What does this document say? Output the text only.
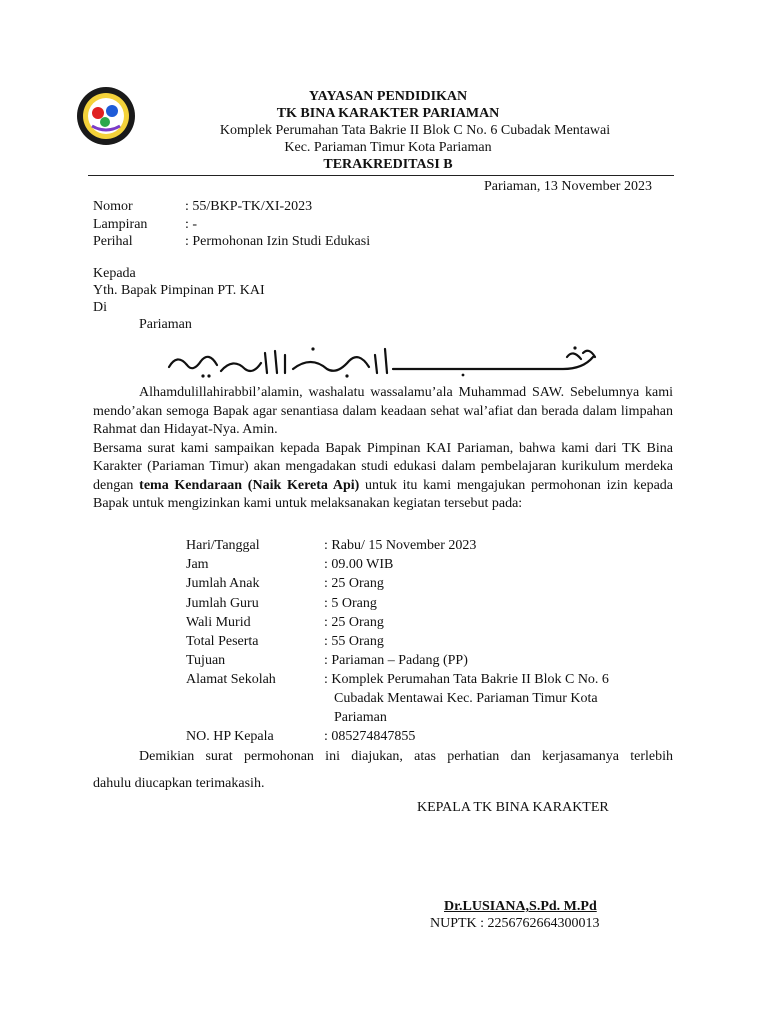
YAYASAN PENDIDIKAN
TK BINA KARAKTER PARIAMAN
Komplek Perumahan Tata Bakrie II Blok C No. 6 Cubadak Mentawai
Kec. Pariaman Timur Kota Pariaman
TERAKREDITASI B
Pariaman, 13 November 2023
Nomor	: 55/BKP-TK/XI-2023
Lampiran	: -
Perihal	: Permohonan Izin Studi Edukasi
Kepada
Yth. Bapak Pimpinan PT. KAI
Di
Pariaman

Alhamdulillahirabbil’alamin, washalatu wassalamu’ala Muhammad SAW. Sebelumnya kami mendo’akan semoga Bapak agar senantiasa dalam keadaan sehat wal’afiat dan berada dalam limpahan Rahmat dan Hidayat-Nya. Amin.

Bersama surat kami sampaikan kepada Bapak Pimpinan KAI Pariaman, bahwa kami dari TK Bina Karakter (Pariaman Timur) akan mengadakan studi edukasi dalam pembelajaran kurikulum merdeka dengan tema Kendaraan (Naik Kereta Api) untuk itu kami mengajukan permohonan izin kepada Bapak untuk mengizinkan kami untuk melaksanakan kegiatan tersebut pada:

Hari/Tanggal	: Rabu/ 15 November 2023
Jam	: 09.00 WIB
Jumlah Anak	: 25 Orang
Jumlah Guru	: 5 Orang
Wali Murid	: 25 Orang
Total Peserta	: 55 Orang
Tujuan	: Pariaman – Padang (PP)
Alamat Sekolah	: Komplek Perumahan Tata Bakrie II Blok C No. 6
Cubadak Mentawai Kec. Pariaman Timur Kota
Pariaman
NO. HP Kepala	: 085274847855
Demikian surat permohonan ini diajukan, atas perhatian dan kerjasamanya terlebih
dahulu diucapkan terimakasih.
KEPALA TK BINA KARAKTER
Dr.LUSIANA,S.Pd. M.Pd
NUPTK : 2256762664300013
